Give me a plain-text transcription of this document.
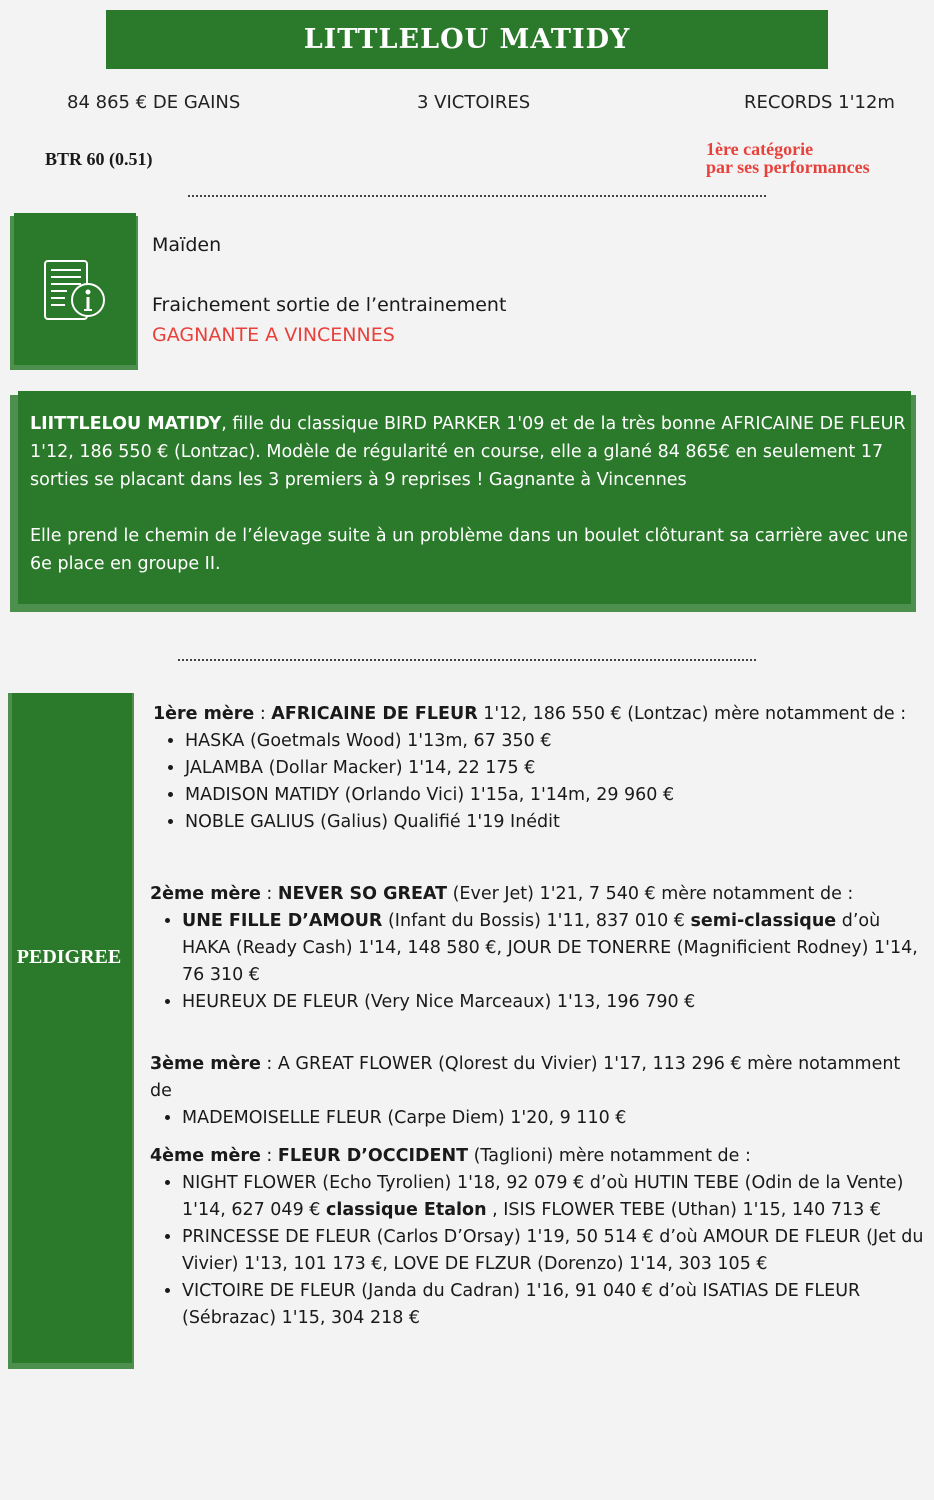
LITTLELOU MATIDY
84 865 € DE GAINS	3 VICTOIRES	RECORDS 1'12m
BTR 60 (0.51)	1ère catégorie
par ses performances
Maïden
Fraichement sortie de l’entrainement
GAGNANTE A VINCENNES

LIITTLELOU MATIDY, fille du classique BIRD PARKER 1'09 et de la très bonne AFRICAINE DE FLEUR 1'12, 186 550 € (Lontzac). Modèle de régularité en course, elle a glané 84 865€ en seulement 17 sorties se placant dans les 3 premiers à 9 reprises ! Gagnante à Vincennes

Elle prend le chemin de l’élevage suite à un problème dans un boulet clôturant sa carrière avec une 6e place en groupe II.

PEDIGREE

1ère mère : AFRICAINE DE FLEUR 1'12, 186 550 € (Lontzac) mère notamment de :

• HASKA (Goetmals Wood) 1'13m, 67 350 €
• JALAMBA (Dollar Macker) 1'14, 22 175 €
• MADISON MATIDY (Orlando Vici) 1'15a, 1'14m, 29 960 €
• NOBLE GALIUS (Galius) Qualifié 1'19 Inédit

2ème mère : NEVER SO GREAT (Ever Jet) 1'21, 7 540 € mère notamment de :

• UNE FILLE D’AMOUR (Infant du Bossis) 1'11, 837 010 € semi-classique d’où HAKA (Ready Cash) 1'14, 148 580 €, JOUR DE TONERRE (Magnificient Rodney) 1'14, 76 310 €
• HEUREUX DE FLEUR (Very Nice Marceaux) 1'13, 196 790 €

3ème mère : A GREAT FLOWER (Qlorest du Vivier) 1'17, 113 296 € mère notamment de

• MADEMOISELLE FLEUR (Carpe Diem) 1'20, 9 110 €

4ème mère : FLEUR D’OCCIDENT (Taglioni) mère notamment de :

• NIGHT FLOWER (Echo Tyrolien) 1'18, 92 079 € d’où HUTIN TEBE (Odin de la Vente) 1'14, 627 049 € classique Etalon , ISIS FLOWER TEBE (Uthan) 1'15, 140 713 €
• PRINCESSE DE FLEUR (Carlos D’Orsay) 1'19, 50 514 € d’où AMOUR DE FLEUR (Jet du Vivier) 1'13, 101 173 €, LOVE DE FLZUR (Dorenzo) 1'14, 303 105 €
• VICTOIRE DE FLEUR (Janda du Cadran) 1'16, 91 040 € d’où ISATIAS DE FLEUR (Sébrazac) 1'15, 304 218 €
